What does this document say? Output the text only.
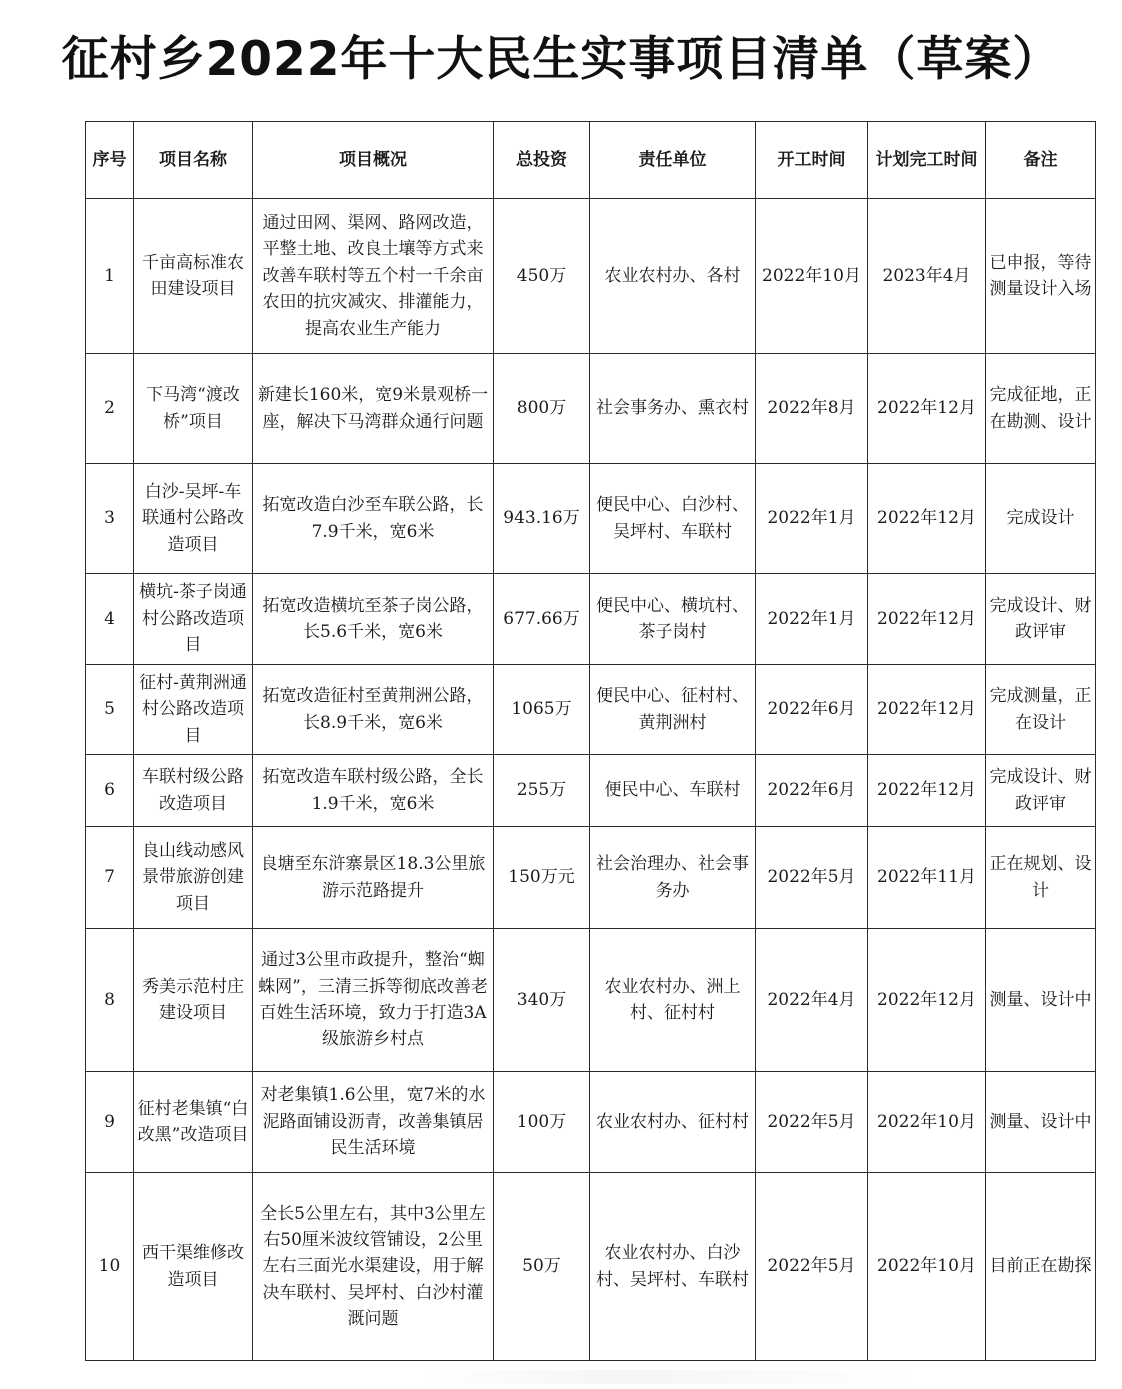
征村乡2022年十大民生实事项目清单（草案）
序号	项目名称	项目概况	总投资	责任单位	开工时间	计划完工时间	备注
1	千亩高标准农田建设项目	通过田网、渠网、路网改造，平整土地、改良土壤等方式来改善车联村等五个村一千余亩农田的抗灾减灾、排灌能力，提高农业生产能力	450万	农业农村办、各村	2022年10月	2023年4月	已申报，等待测量设计入场
2	下马湾“渡改桥”项目	新建长160米，宽9米景观桥一座，解决下马湾群众通行问题	800万	社会事务办、熏衣村	2022年8月	2022年12月	完成征地，正在勘测、设计
3	白沙-吴坪-车联通村公路改造项目	拓宽改造白沙至车联公路，长7.9千米，宽6米	943.16万	便民中心、白沙村、吴坪村、车联村	2022年1月	2022年12月	完成设计
4	横坑-茶子岗通村公路改造项目	拓宽改造横坑至茶子岗公路，长5.6千米，宽6米	677.66万	便民中心、横坑村、茶子岗村	2022年1月	2022年12月	完成设计、财政评审
5	征村-黄荆洲通村公路改造项目	拓宽改造征村至黄荆洲公路，长8.9千米，宽6米	1065万	便民中心、征村村、黄荆洲村	2022年6月	2022年12月	完成测量，正在设计
6	车联村级公路改造项目	拓宽改造车联村级公路，全长1.9千米，宽6米	255万	便民中心、车联村	2022年6月	2022年12月	完成设计、财政评审
7	良山线动感风景带旅游创建项目	良塘至东浒寨景区18.3公里旅游示范路提升	150万元	社会治理办、社会事务办	2022年5月	2022年11月	正在规划、设计
8	秀美示范村庄建设项目	通过3公里市政提升，整治“蜘蛛网”，三清三拆等彻底改善老百姓生活环境，致力于打造3A级旅游乡村点	340万	农业农村办、洲上村、征村村	2022年4月	2022年12月	测量、设计中
9	征村老集镇“白改黑”改造项目	对老集镇1.6公里，宽7米的水泥路面铺设沥青，改善集镇居民生活环境	100万	农业农村办、征村村	2022年5月	2022年10月	测量、设计中
10	西干渠维修改造项目	全长5公里左右，其中3公里左右50厘米波纹管铺设，2公里左右三面光水渠建设，用于解决车联村、吴坪村、白沙村灌溉问题	50万	农业农村办、白沙村、吴坪村、车联村	2022年5月	2022年10月	目前正在勘探
